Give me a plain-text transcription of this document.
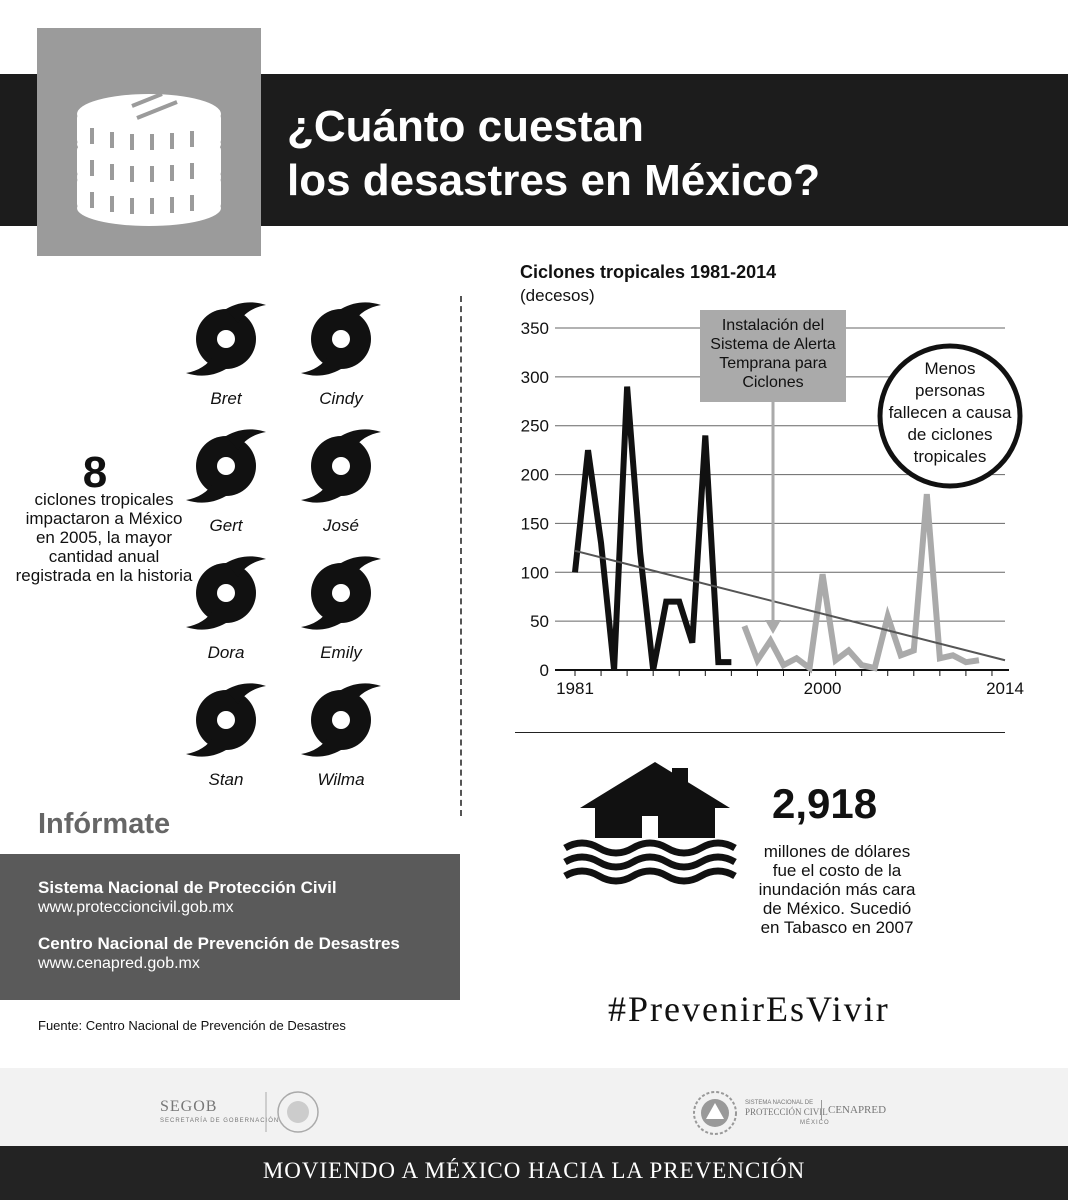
¿Cuánto cuestan
los desastres en México?
8
ciclones tropicales impactaron a México en 2005, la mayor cantidad anual registrada en la historia
Bret	Cindy
Gert	José
Dora	Emily
Stan	Wilma
Infórmate
Sistema Nacional de Protección Civil
www.proteccioncivil.gob.mx
Centro Nacional de Prevención de Desastres
www.cenapred.gob.mx
Fuente: Centro Nacional de Prevención de Desastres
Ciclones tropicales 1981-2014
(decesos)
0
50
100
150
200
250
300
350
1981	2000	2014
Instalación del
Sistema de Alerta
Temprana para
Ciclones
Menos
personas
fallecen a causa
de ciclones
tropicales
2,918
millones de dólares fue el costo de la inundación más cara de México. Sucedió en Tabasco en 2007
#PrevenirEsVivir
SEGOB
SECRETARÍA DE GOBERNACIÓN
SISTEMA NACIONAL DE
PROTECCIÓN CIVIL CENAPRED
MÉXICO
MOVIENDO A MÉXICO HACIA LA PREVENCIÓN
